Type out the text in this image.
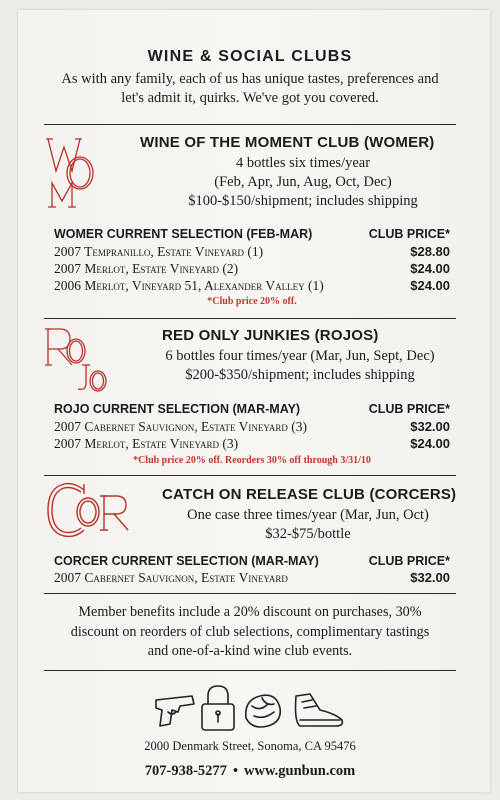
WINE & SOCIAL CLUBS
As with any family, each of us has unique tastes, preferences and
let's admit it, quirks. We've got you covered.
WINE OF THE MOMENT CLUB (WOMER)
4 bottles six times/year
(Feb, Apr, Jun, Aug, Oct, Dec)
$100-$150/shipment; includes shipping
WOMER CURRENT SELECTION (FEB-MAR)	CLUB PRICE*
2007 Tempranillo, Estate Vineyard (1)	$28.80
2007 Merlot, Estate Vineyard (2)	$24.00
2006 Merlot, Vineyard 51, Alexander Valley (1)	$24.00
*Club price 20% off.
RED ONLY JUNKIES (ROJOS)
6 bottles four times/year (Mar, Jun, Sept, Dec)
$200-$350/shipment; includes shipping
ROJO CURRENT SELECTION (MAR-MAY)	CLUB PRICE*
2007 Cabernet Sauvignon, Estate Vineyard (3)	$32.00
2007 Merlot, Estate Vineyard (3)	$24.00
*Club price 20% off. Reorders 30% off through 3/31/10
CATCH ON RELEASE CLUB (CORCERS)
One case three times/year (Mar, Jun, Oct)
$32-$75/bottle
CORCER CURRENT SELECTION (MAR-MAY)	CLUB PRICE*
2007 Cabernet Sauvignon, Estate Vineyard	$32.00
Member benefits include a 20% discount on purchases, 30%
discount on reorders of club selections, complimentary tastings
and one-of-a-kind wine club events.
2000 Denmark Street, Sonoma, CA 95476
707-938-5277 • www.gunbun.com
